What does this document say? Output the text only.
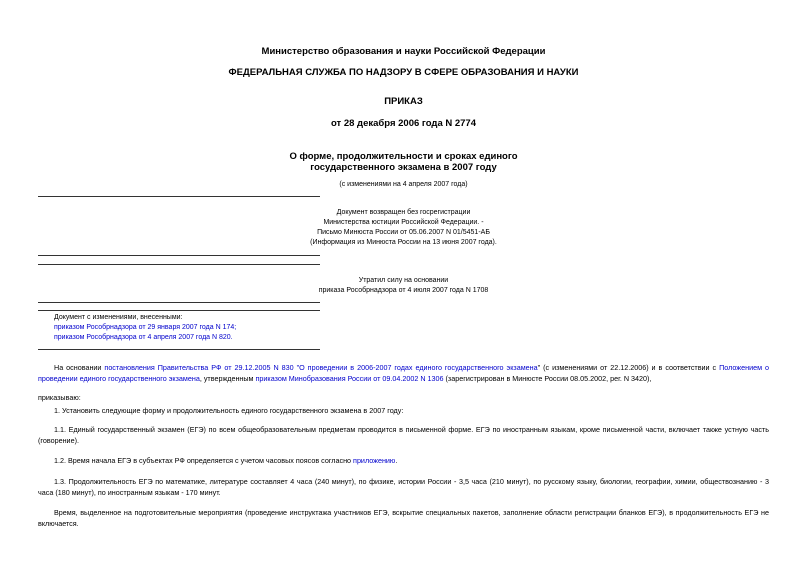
Министерство образования и науки Российской Федерации
ФЕДЕРАЛЬНАЯ СЛУЖБА ПО НАДЗОРУ В СФЕРЕ ОБРАЗОВАНИЯ И НАУКИ
ПРИКАЗ
от 28 декабря 2006 года N 2774
О форме, продолжительности и сроках единого
государственного экзамена в 2007 году
(с изменениями на 4 апреля 2007 года)
Документ возвращен без госрегистрации
Министерства юстиции Российской Федерации. -
Письмо Минюста России от 05.06.2007 N 01/5451-АБ
(Информация из Минюста России на 13 июня 2007 года).
Утратил силу на основании
приказа Рособрнадзора от 4 июля 2007 года N 1708
Документ с изменениями, внесенными:
приказом Рособрнадзора от 29 января 2007 года N 174;
приказом Рособрнадзора от 4 апреля 2007 года N 820.
На основании постановления Правительства РФ от 29.12.2005 N 830 "О проведении в 2006-2007 годах единого государственного экзамена" (с изменениями от 22.12.2006) и в соответствии с Положением о проведении единого государственного экзамена, утвержденным приказом Минобразования России от 09.04.2002 N 1306 (зарегистрирован в Минюсте России 08.05.2002, рег. N 3420),
приказываю:
1. Установить следующие форму и продолжительность единого государственного экзамена в 2007 году:
1.1. Единый государственный экзамен (ЕГЭ) по всем общеобразовательным предметам проводится в письменной форме. ЕГЭ по иностранным языкам, кроме письменной части, включает также устную часть (говорение).
1.2. Время начала ЕГЭ в субъектах РФ определяется с учетом часовых поясов согласно приложению.
1.3. Продолжительность ЕГЭ по математике, литературе составляет 4 часа (240 минут), по физике, истории России - 3,5 часа (210 минут), по русскому языку, биологии, географии, химии, обществознанию - 3 часа (180 минут), по иностранным языкам - 170 минут.
Время, выделенное на подготовительные мероприятия (проведение инструктажа участников ЕГЭ, вскрытие специальных пакетов, заполнение области регистрации бланков ЕГЭ), в продолжительность ЕГЭ не включается.
